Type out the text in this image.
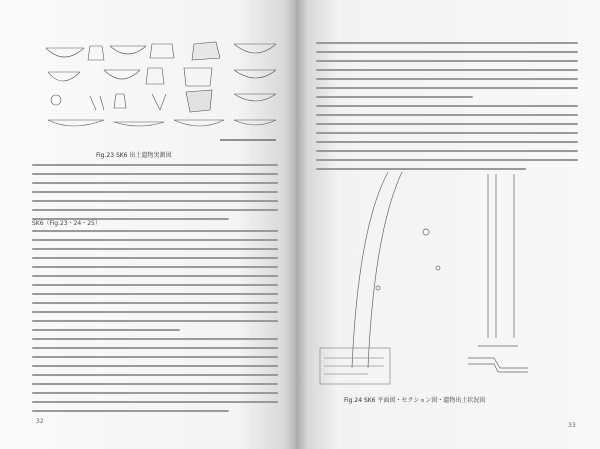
Fig.23 SK6 出土遺物実測図
SK6（Fig.23・24・25）
32
Fig.24 SK6 平面図・セクション図・遺物出土状況図
33
